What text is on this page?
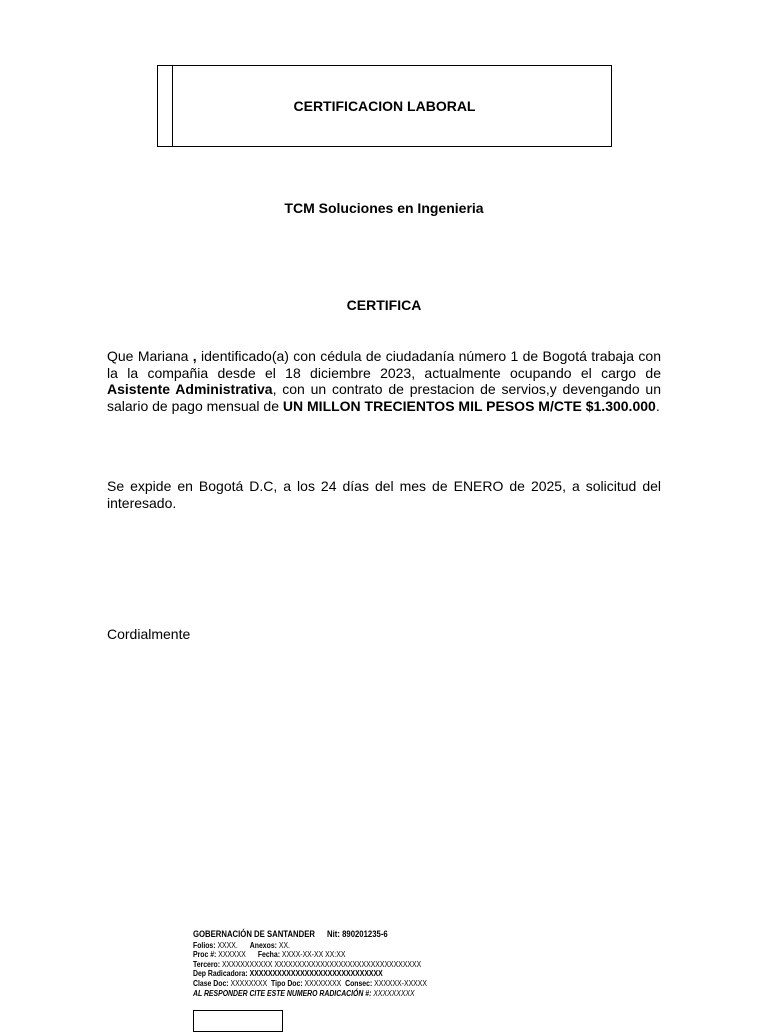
CERTIFICACION LABORAL
TCM Soluciones en Ingenieria
CERTIFICA
Que Mariana , identificado(a) con cédula de ciudadanía número 1 de Bogotá trabaja con la la compañia desde el 18 diciembre 2023, actualmente ocupando el cargo de Asistente Administrativa, con un contrato de prestacion de servios,y devengando un salario de pago mensual de UN MILLON TRECIENTOS MIL PESOS M/CTE $1.300.000.
Se expide en Bogotá D.C, a los 24 días del mes de ENERO de 2025, a solicitud del interesado.
Cordialmente
GOBERNACIÓN DE SANTANDER Nit: 890201235-6
Folios: XXXX. Anexos: XX.
Proc #: XXXXXX Fecha: XXXX-XX-XX XX:XX
Tercero: XXXXXXXXXXX XXXXXXXXXXXXXXXXXXXXXXXXXXXXXXXX
Dep Radicadora: XXXXXXXXXXXXXXXXXXXXXXXXXXXXX
Clase Doc: XXXXXXXX Tipo Doc: XXXXXXXX Consec: XXXXXX-XXXXX
AL RESPONDER CITE ESTE NUMERO RADICACIÓN #: XXXXXXXXX
